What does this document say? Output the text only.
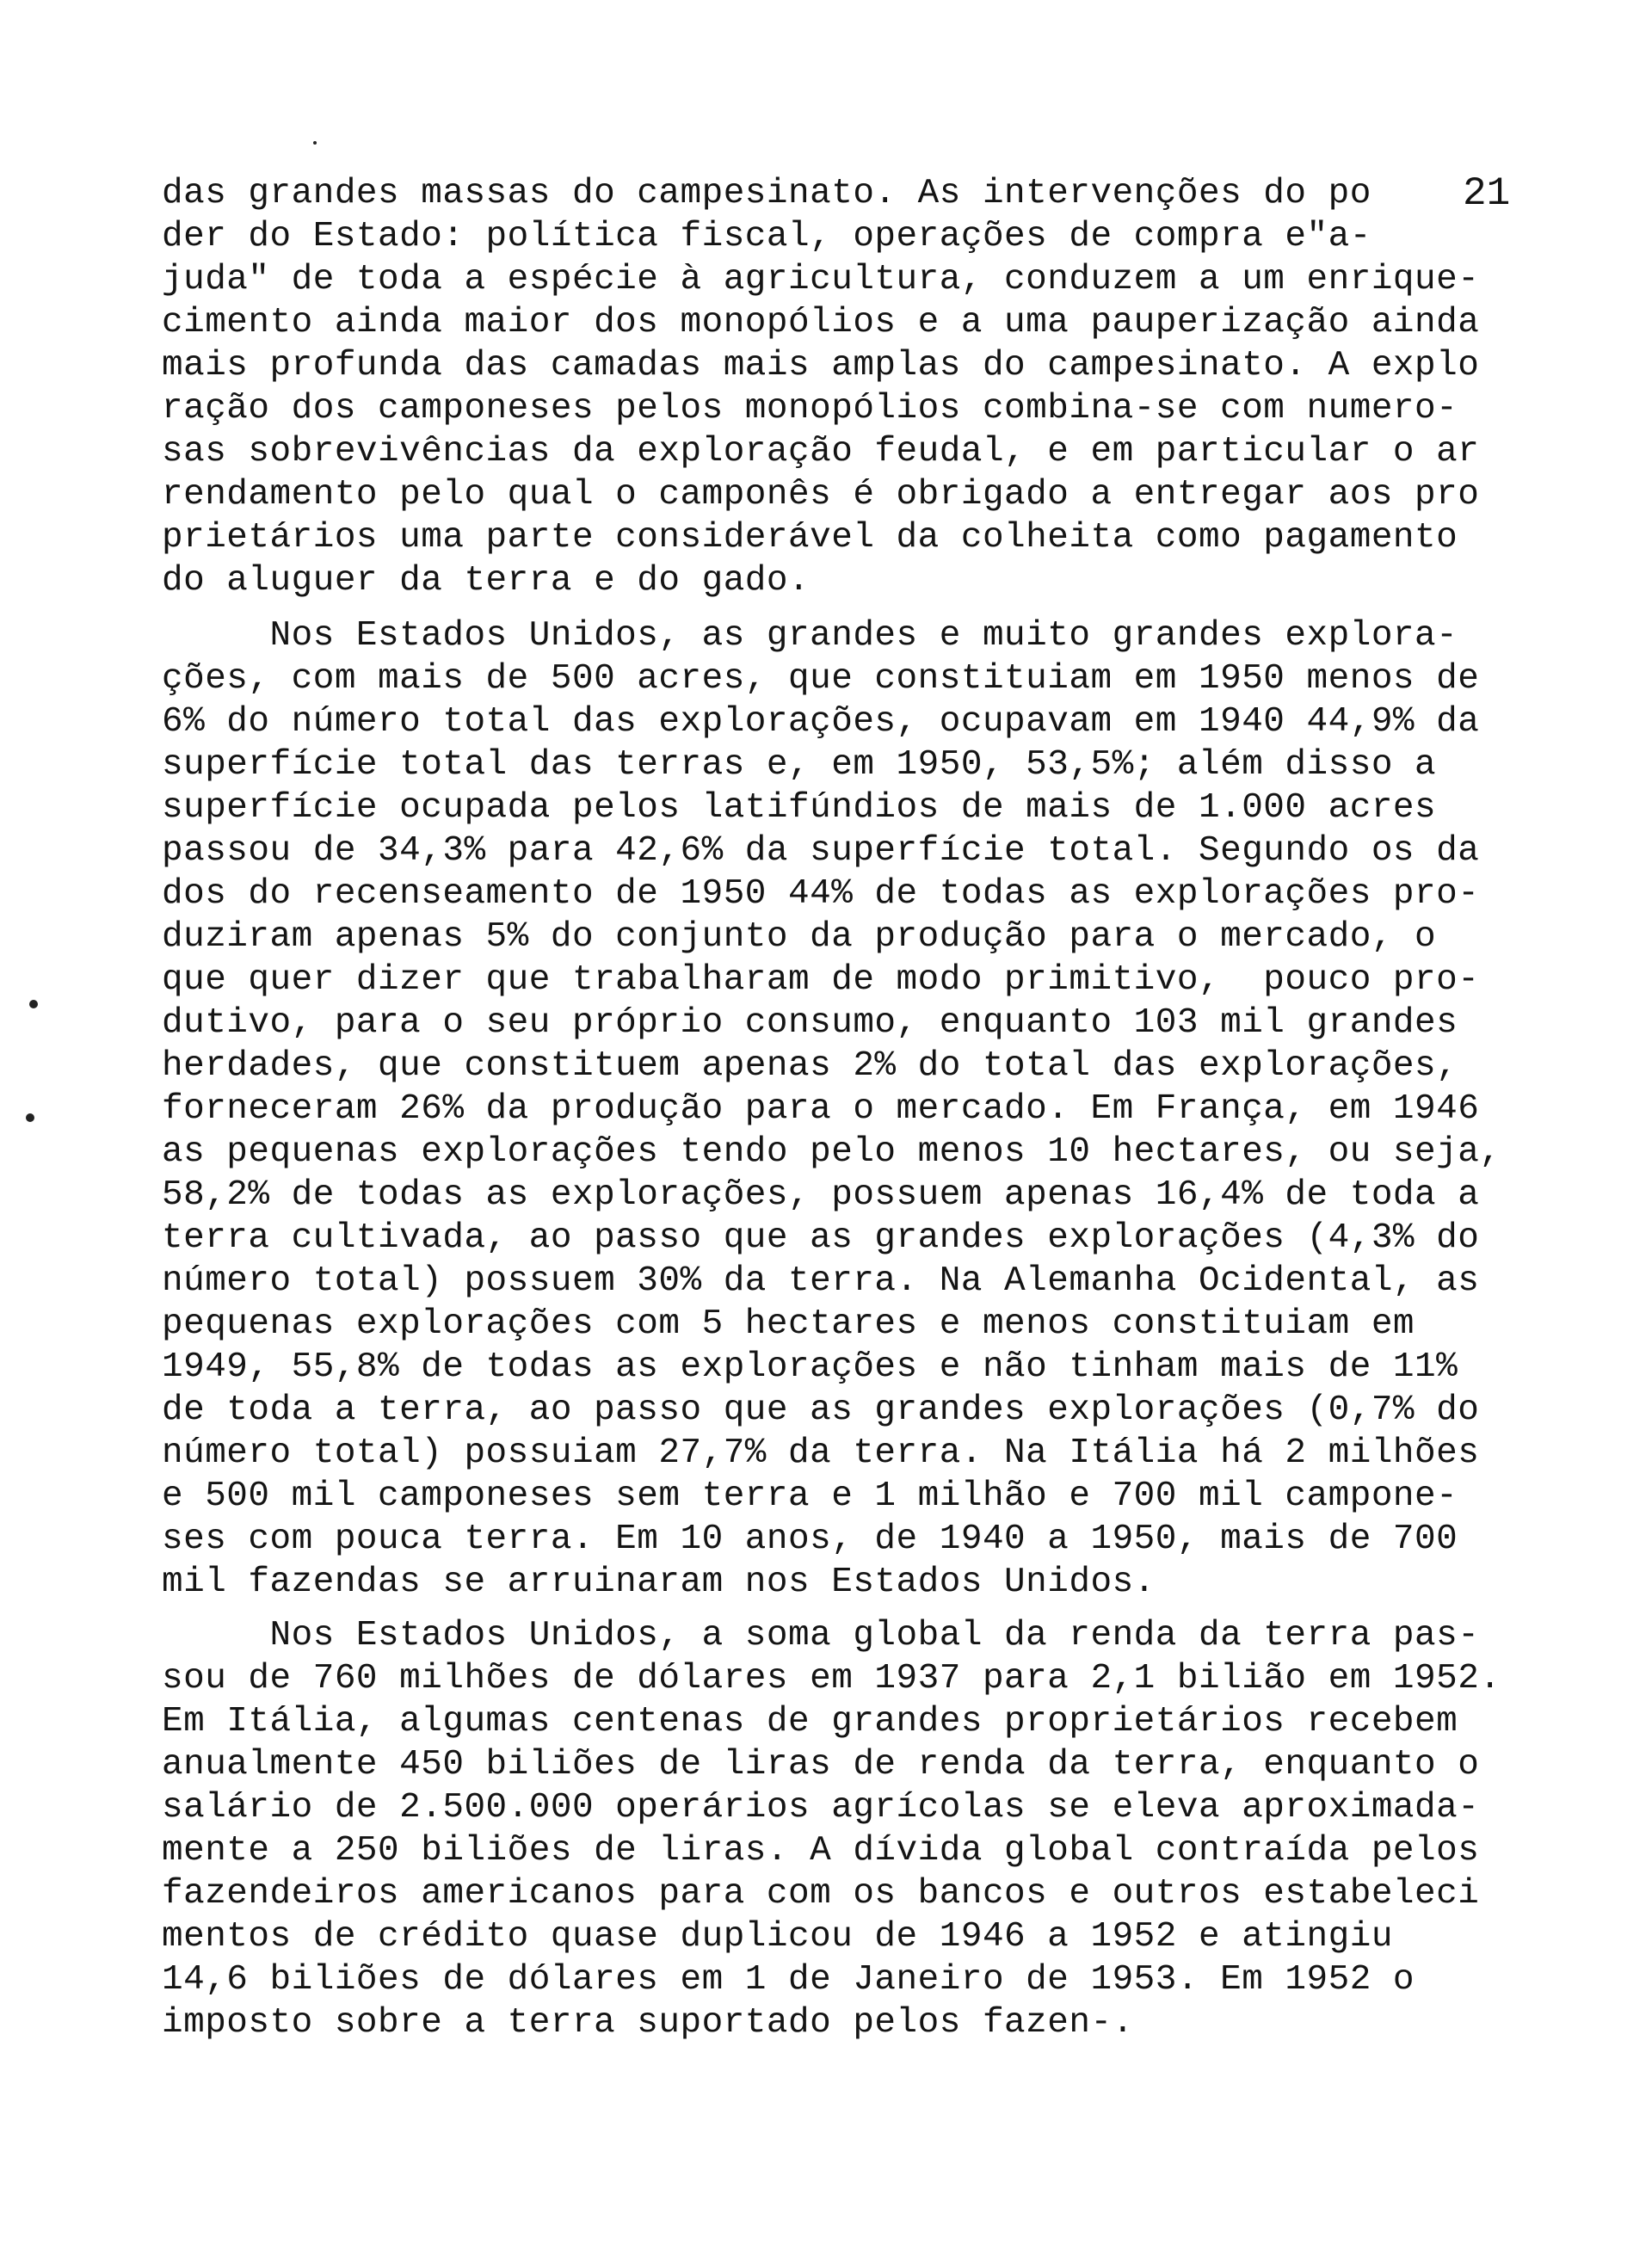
21
das grandes massas do campesinato. As intervenções do po
der do Estado: política fiscal, operações de compra e"a-
juda" de toda a espécie à agricultura, conduzem a um enrique-
cimento ainda maior dos monopólios e a uma pauperização ainda
mais profunda das camadas mais amplas do campesinato. A explo
ração dos camponeses pelos monopólios combina-se com numero-
sas sobrevivências da exploração feudal, e em particular o ar
rendamento pelo qual o camponês é obrigado a entregar aos pro
prietários uma parte considerável da colheita como pagamento
do aluguer da terra e do gado.
Nos Estados Unidos, as grandes e muito grandes explora-
ções, com mais de 500 acres, que constituiam em 1950 menos de
6% do número total das explorações, ocupavam em 1940 44,9% da
superfície total das terras e, em 1950, 53,5%; além disso a
superfície ocupada pelos latifúndios de mais de 1.000 acres
passou de 34,3% para 42,6% da superfície total. Segundo os da
dos do recenseamento de 1950 44% de todas as explorações pro-
duziram apenas 5% do conjunto da produção para o mercado, o
que quer dizer que trabalharam de modo primitivo,  pouco pro-
dutivo, para o seu próprio consumo, enquanto 103 mil grandes
herdades, que constituem apenas 2% do total das explorações,
forneceram 26% da produção para o mercado. Em França, em 1946
as pequenas explorações tendo pelo menos 10 hectares, ou seja,
58,2% de todas as explorações, possuem apenas 16,4% de toda a
terra cultivada, ao passo que as grandes explorações (4,3% do
número total) possuem 30% da terra. Na Alemanha Ocidental, as
pequenas explorações com 5 hectares e menos constituiam em
1949, 55,8% de todas as explorações e não tinham mais de 11%
de toda a terra, ao passo que as grandes explorações (0,7% do
número total) possuiam 27,7% da terra. Na Itália há 2 milhões
e 500 mil camponeses sem terra e 1 milhão e 700 mil campone-
ses com pouca terra. Em 10 anos, de 1940 a 1950, mais de 700
mil fazendas se arruinaram nos Estados Unidos.
Nos Estados Unidos, a soma global da renda da terra pas-
sou de 760 milhões de dólares em 1937 para 2,1 bilião em 1952.
Em Itália, algumas centenas de grandes proprietários recebem
anualmente 450 biliões de liras de renda da terra, enquanto o
salário de 2.500.000 operários agrícolas se eleva aproximada-
mente a 250 biliões de liras. A dívida global contraída pelos
fazendeiros americanos para com os bancos e outros estabeleci
mentos de crédito quase duplicou de 1946 a 1952 e atingiu
14,6 biliões de dólares em 1 de Janeiro de 1953. Em 1952 o
imposto sobre a terra suportado pelos fazen-.
